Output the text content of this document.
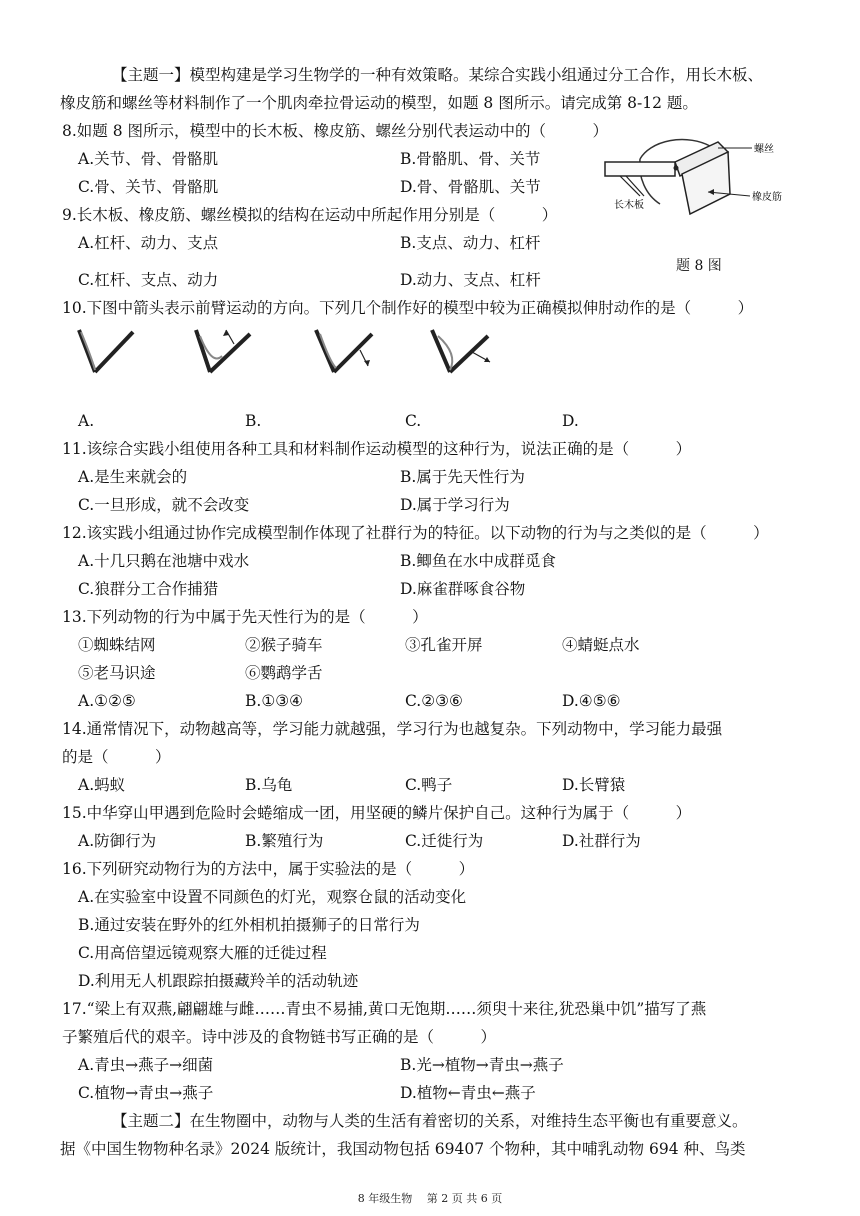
【主题一】模型构建是学习生物学的一种有效策略。某综合实践小组通过分工合作，用长木板、
橡皮筋和螺丝等材料制作了一个肌肉牵拉骨运动的模型，如题 8 图所示。请完成第 8-12 题。
8.如题 8 图所示，模型中的长木板、橡皮筋、螺丝分别代表运动中的（　　　）
A.关节、骨、骨骼肌	B.骨骼肌、骨、关节
C.骨、关节、骨骼肌	D.骨、骨骼肌、关节
螺丝
长木板
橡皮筋
题 8 图
9.长木板、橡皮筋、螺丝模拟的结构在运动中所起作用分别是（　　　）
A.杠杆、动力、支点	B.支点、动力、杠杆
C.杠杆、支点、动力	D.动力、支点、杠杆
10.下图中箭头表示前臂运动的方向。下列几个制作好的模型中较为正确模拟伸肘动作的是（　　　）
A.	B.	C.	D.
11.该综合实践小组使用各种工具和材料制作运动模型的这种行为，说法正确的是（　　　）
A.是生来就会的	B.属于先天性行为
C.一旦形成，就不会改变	D.属于学习行为
12.该实践小组通过协作完成模型制作体现了社群行为的特征。以下动物的行为与之类似的是（　　　）
A.十几只鹅在池塘中戏水	B.鲫鱼在水中成群觅食
C.狼群分工合作捕猎	D.麻雀群啄食谷物
13.下列动物的行为中属于先天性行为的是（　　　）
①蜘蛛结网	②猴子骑车	③孔雀开屏	④蜻蜓点水
⑤老马识途	⑥鹦鹉学舌
A.①②⑤	B.①③④	C.②③⑥	D.④⑤⑥
14.通常情况下，动物越高等，学习能力就越强，学习行为也越复杂。下列动物中，学习能力最强
的是（　　　）
A.蚂蚁	B.乌龟	C.鸭子	D.长臂猿
15.中华穿山甲遇到危险时会蜷缩成一团，用坚硬的鳞片保护自己。这种行为属于（　　　）
A.防御行为	B.繁殖行为	C.迁徙行为	D.社群行为
16.下列研究动物行为的方法中，属于实验法的是（　　　）
A.在实验室中设置不同颜色的灯光，观察仓鼠的活动变化
B.通过安装在野外的红外相机拍摄狮子的日常行为
C.用高倍望远镜观察大雁的迁徙过程
D.利用无人机跟踪拍摄藏羚羊的活动轨迹
17.“梁上有双燕,翩翩雄与雌……青虫不易捕,黄口无饱期……须臾十来往,犹恐巢中饥”描写了燕
子繁殖后代的艰辛。诗中涉及的食物链书写正确的是（　　　）
A.青虫→燕子→细菌	B.光→植物→青虫→燕子
C.植物→青虫→燕子	D.植物←青虫←燕子
【主题二】在生物圈中，动物与人类的生活有着密切的关系，对维持生态平衡也有重要意义。
据《中国生物物种名录》2024 版统计，我国动物包括 69407 个物种，其中哺乳动物 694 种、鸟类
8 年级生物　 第 2 页 共 6 页
